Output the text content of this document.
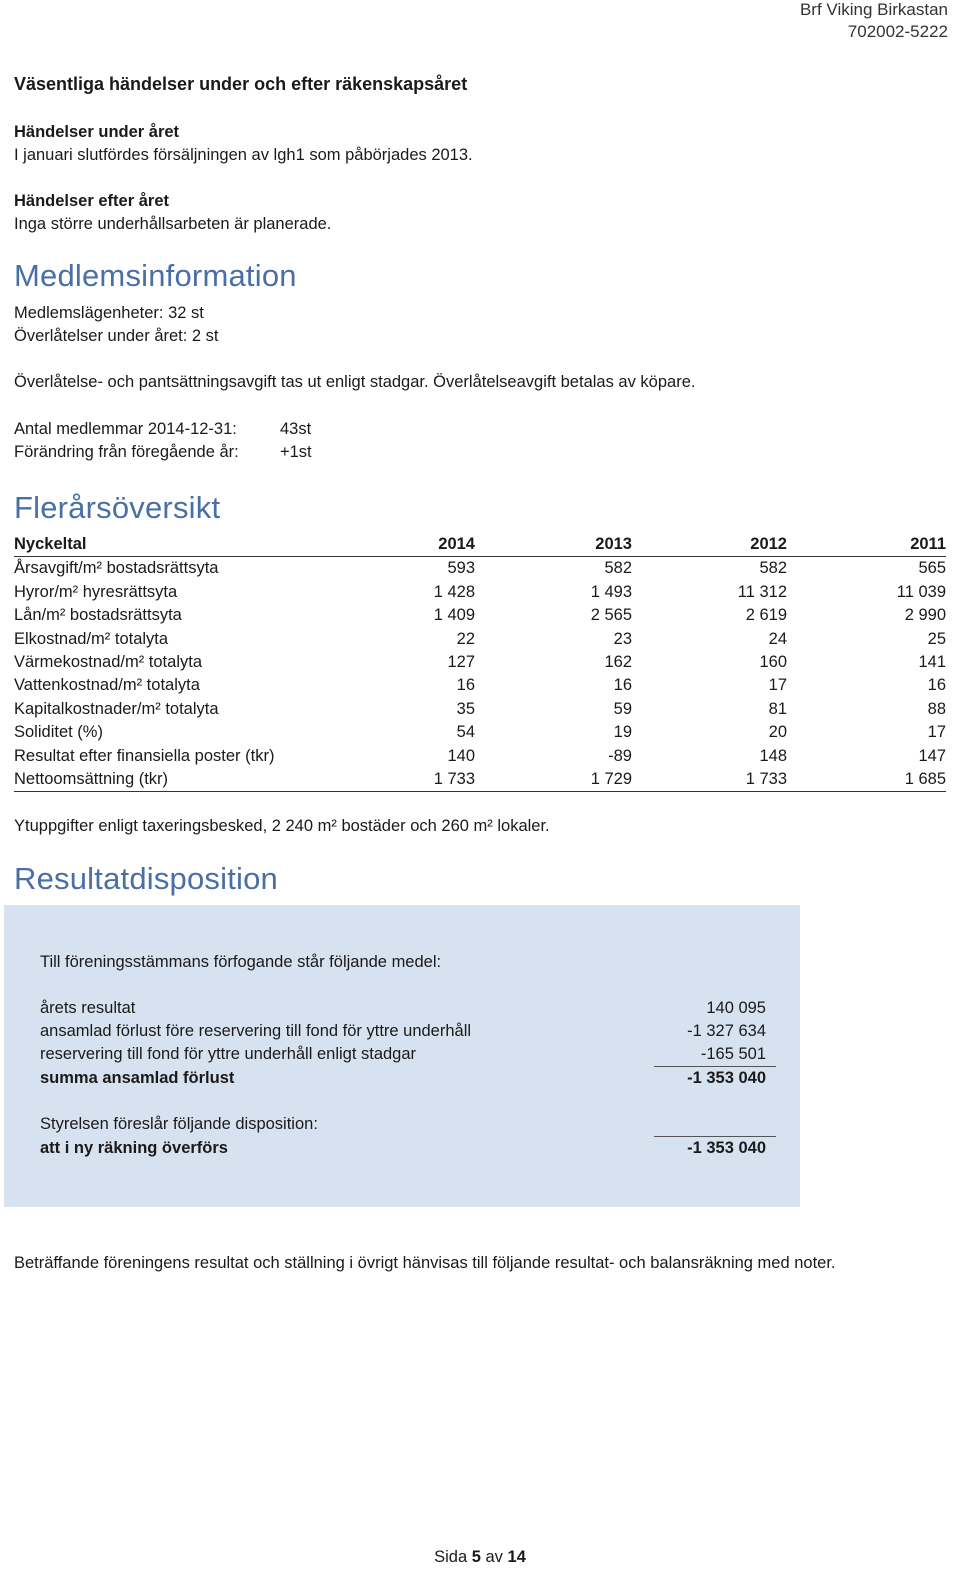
Brf Viking Birkastan
702002-5222
Väsentliga händelser under och efter räkenskapsåret
Händelser under året
I januari slutfördes försäljningen av lgh1 som påbörjades 2013.
Händelser efter året
Inga större underhållsarbeten är planerade.
Medlemsinformation
Medlemslägenheter: 32 st
Överlåtelser under året: 2 st
Överlåtelse- och pantsättningsavgift tas ut enligt stadgar. Överlåtelseavgift betalas av köpare.
Antal medlemmar 2014-12-31:	43st
Förändring från föregående år:	+1st
Flerårsöversikt
Nyckeltal	2014	2013	2012	2011
Årsavgift/m² bostadsrättsyta	593	582	582	565
Hyror/m² hyresrättsyta	1 428	1 493	11 312	11 039
Lån/m² bostadsrättsyta	1 409	2 565	2 619	2 990
Elkostnad/m² totalyta	22	23	24	25
Värmekostnad/m² totalyta	127	162	160	141
Vattenkostnad/m² totalyta	16	16	17	16
Kapitalkostnader/m² totalyta	35	59	81	88
Soliditet (%)	54	19	20	17
Resultat efter finansiella poster (tkr)	140	-89	148	147
Nettoomsättning (tkr)	1 733	1 729	1 733	1 685
Ytuppgifter enligt taxeringsbesked, 2 240 m² bostäder och 260 m² lokaler.
Resultatdisposition
Till föreningsstämmans förfogande står följande medel:
årets resultat	140 095
ansamlad förlust före reservering till fond för yttre underhåll	-1 327 634
reservering till fond för yttre underhåll enligt stadgar	-165 501
summa ansamlad förlust	-1 353 040
Styrelsen föreslår följande disposition:
att i ny räkning överförs	-1 353 040
Beträffande föreningens resultat och ställning i övrigt hänvisas till följande resultat- och balansräkning med noter.
Sida 5 av 14
